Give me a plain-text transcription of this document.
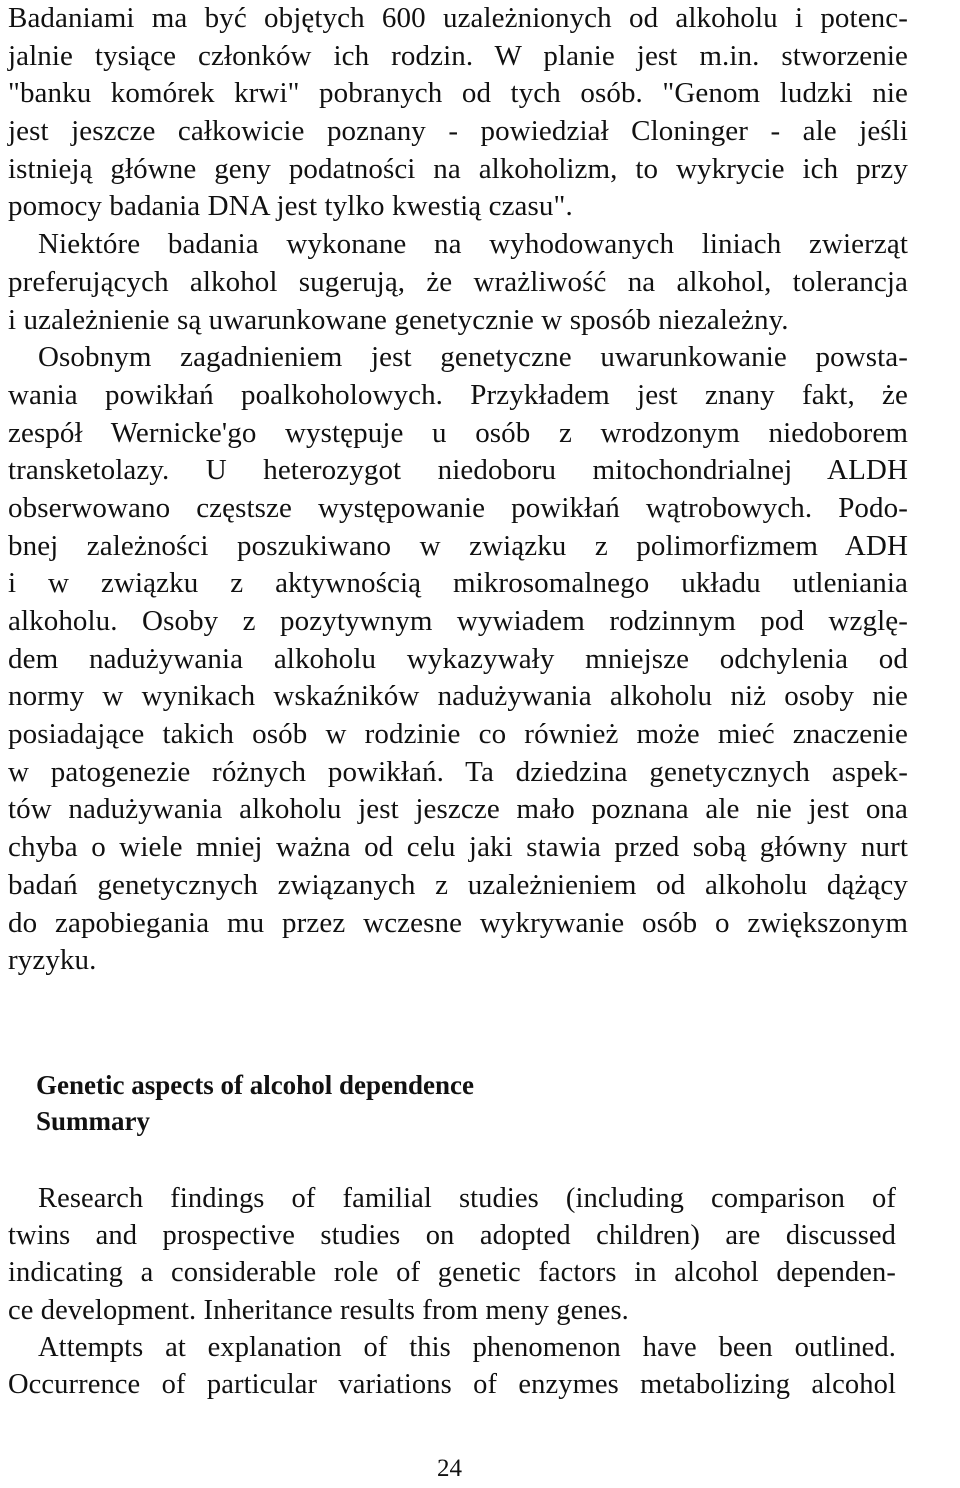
Badaniami ma być objętych 600 uzależnionych od alkoholu i potenc-
jalnie tysiące członków ich rodzin. W planie jest m.in. stworzenie
"banku komórek krwi" pobranych od tych osób. "Genom ludzki nie
jest jeszcze całkowicie poznany - powiedział Cloninger - ale jeśli
istnieją główne geny podatności na alkoholizm, to wykrycie ich przy
pomocy badania DNA jest tylko kwestią czasu".
Niektóre badania wykonane na wyhodowanych liniach zwierząt
preferujących alkohol sugerują, że wrażliwość na alkohol, tolerancja
i uzależnienie są uwarunkowane genetycznie w sposób niezależny.
Osobnym zagadnieniem jest genetyczne uwarunkowanie powsta-
wania powikłań poalkoholowych. Przykładem jest znany fakt, że
zespół Wernicke'go występuje u osób z wrodzonym niedoborem
transketolazy. U heterozygot niedoboru mitochondrialnej ALDH
obserwowano częstsze występowanie powikłań wątrobowych. Podo-
bnej zależności poszukiwano w związku z polimorfizmem ADH
i w związku z aktywnością mikrosomalnego układu utleniania
alkoholu. Osoby z pozytywnym wywiadem rodzinnym pod wzglę-
dem nadużywania alkoholu wykazywały mniejsze odchylenia od
normy w wynikach wskaźników nadużywania alkoholu niż osoby nie
posiadające takich osób w rodzinie co również może mieć znaczenie
w patogenezie różnych powikłań. Ta dziedzina genetycznych aspek-
tów nadużywania alkoholu jest jeszcze mało poznana ale nie jest ona
chyba o wiele mniej ważna od celu jaki stawia przed sobą główny nurt
badań genetycznych związanych z uzależnieniem od alkoholu dążący
do zapobiegania mu przez wczesne wykrywanie osób o zwiększonym
ryzyku.
Genetic aspects of alcohol dependence
Summary
Research findings of familial studies (including comparison of
twins and prospective studies on adopted children) are discussed
indicating a considerable role of genetic factors in alcohol dependen-
ce development. Inheritance results from meny genes.
Attempts at explanation of this phenomenon have been outlined.
Occurrence of particular variations of enzymes metabolizing alcohol
24
